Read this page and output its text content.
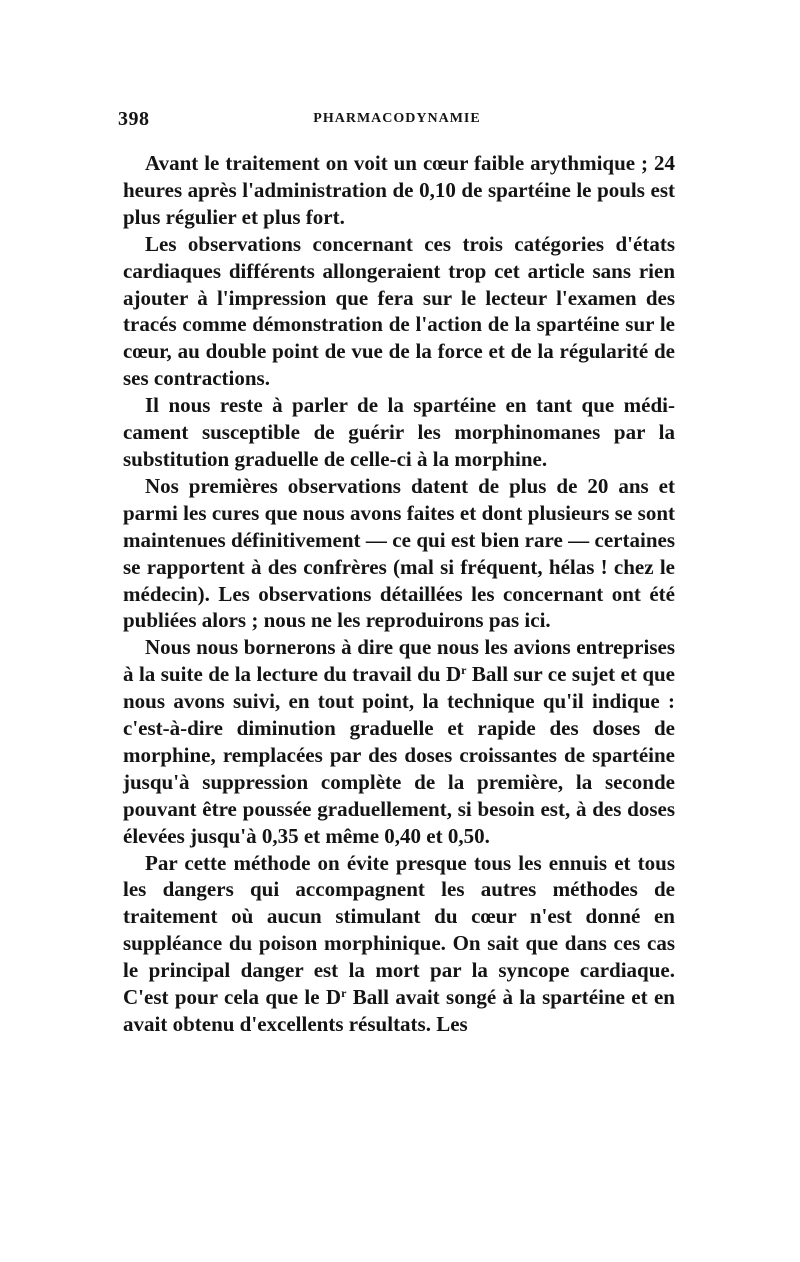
398	PHARMACODYNAMIE

Avant le traitement on voit un cœur faible arythmique ; 24 heures après l'administration de 0,10 de spartéine le pouls est plus régulier et plus fort.

Les observations concernant ces trois catégories d'états cardiaques différents allongeraient trop cet article sans rien ajouter à l'impression que fera sur le lecteur l'examen des tracés comme démonstration de l'action de la spartéine sur le cœur, au double point de vue de la force et de la régularité de ses contractions.

Il nous reste à parler de la spartéine en tant que médicament susceptible de guérir les morphinomanes par la substitution graduelle de celle-ci à la morphine.

Nos premières observations datent de plus de 20 ans et parmi les cures que nous avons faites et dont plusieurs se sont maintenues définitivement — ce qui est bien rare — certaines se rapportent à des confrères (mal si fréquent, hélas ! chez le médecin). Les observations détaillées les concernant ont été publiées alors ; nous ne les reproduirons pas ici.

Nous nous bornerons à dire que nous les avions entreprises à la suite de la lecture du travail du $D^r$ Ball sur ce sujet et que nous avons suivi, en tout point, la technique qu'il indique : c'est-à-dire diminution graduelle et rapide des doses de morphine, remplacées par des doses croissantes de spartéine jusqu'à suppression complète de la première, la seconde pouvant être poussée graduellement, si besoin est, à des doses élevées jusqu'à 0,35 et même 0,40 et 0,50.

Par cette méthode on évite presque tous les ennuis et tous les dangers qui accompagnent les autres méthodes de traitement où aucun stimulant du cœur n'est donné en suppléance du poison morphinique. On sait que dans ces cas le principal danger est la mort par la syncope cardiaque. C'est pour cela que le $D^r$ Ball avait songé à la spartéine et en avait obtenu d'excellents résultats. Les
